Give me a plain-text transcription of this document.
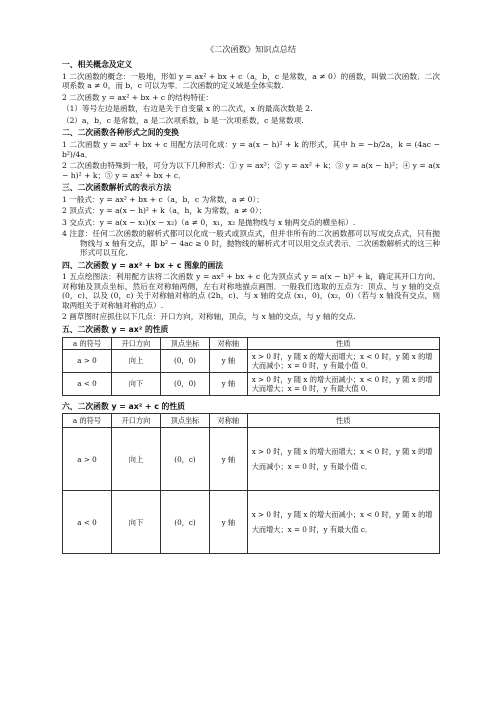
《二次函数》知识点总结
一、相关概念及定义
1 二次函数的概念：一般地，形如 y = ax² + bx + c（a，b，c 是常数，a ≠ 0）的函数，叫做二次函数．二次项系数 a ≠ 0，而 b，c 可以为零．二次函数的定义域是全体实数.
2 二次函数 y = ax² + bx + c 的结构特征：
（1）等号左边是函数，右边是关于自变量 x 的二次式，x 的最高次数是 2.
（2）a，b，c 是常数，a 是二次项系数，b 是一次项系数，c 是常数项.
二、二次函数各种形式之间的变换
1 二次函数 y = ax² + bx + c 用配方法可化成：y = a(x − h)² + k 的形式，其中 h = −b/2a，k = (4ac − b²)/4a．
2 二次函数由特殊到一般，可分为以下几种形式：① y = ax²；② y = ax² + k；③ y = a(x − h)²；④ y = a(x − h)² + k；⑤ y = ax² + bx + c．
三、二次函数解析式的表示方法
1 一般式：y = ax² + bx + c（a，b，c 为常数，a ≠ 0）；
2 顶点式：y = a(x − h)² + k（a，h，k 为常数，a ≠ 0）；
3 交点式：y = a(x − x₁)(x − x₂)（a ≠ 0，x₁，x₂ 是抛物线与 x 轴两交点的横坐标）.
4 注意：任何二次函数的解析式都可以化成一般式或顶点式，但并非所有的二次函数都可以写成交点式，只有抛物线与 x 轴有交点，即 b² − 4ac ≥ 0 时，抛物线的解析式才可以用交点式表示．二次函数解析式的这三种形式可以互化.
四、二次函数 y = ax² + bx + c 图象的画法
1 五点绘图法：利用配方法将二次函数 y = ax² + bx + c 化为顶点式 y = a(x − h)² + k，确定其开口方向、对称轴及顶点坐标，然后在对称轴两侧，左右对称地描点画图．一般我们选取的五点为：顶点、与 y 轴的交点 (0，c)、以及 (0，c) 关于对称轴对称的点 (2h，c)、与 x 轴的交点 (x₁，0)，(x₂，0)（若与 x 轴没有交点，则取两组关于对称轴对称的点）.
2 画草图时应抓住以下几点：开口方向，对称轴，顶点，与 x 轴的交点，与 y 轴的交点.
五、二次函数 y = ax² 的性质
a 的符号	开口方向	顶点坐标	对称轴	性质
a > 0	向上	(0，0)	y 轴	x > 0 时，y 随 x 的增大而增大；x < 0 时，y 随 x 的增大而减小；x = 0 时，y 有最小值 0．
a < 0	向下	(0，0)	y 轴	x > 0 时，y 随 x 的增大而减小；x < 0 时，y 随 x 的增大而增大；x = 0 时，y 有最大值 0．
六、二次函数 y = ax² + c 的性质
a 的符号	开口方向	顶点坐标	对称轴	性质
a > 0	向上	(0，c)	y 轴	x > 0 时，y 随 x 的增大而增大；x < 0 时，y 随 x 的增大而减小；x = 0 时，y 有最小值 c．
a < 0	向下	(0，c)	y 轴	x > 0 时，y 随 x 的增大而减小；x < 0 时，y 随 x 的增大而增大；x = 0 时，y 有最大值 c．
